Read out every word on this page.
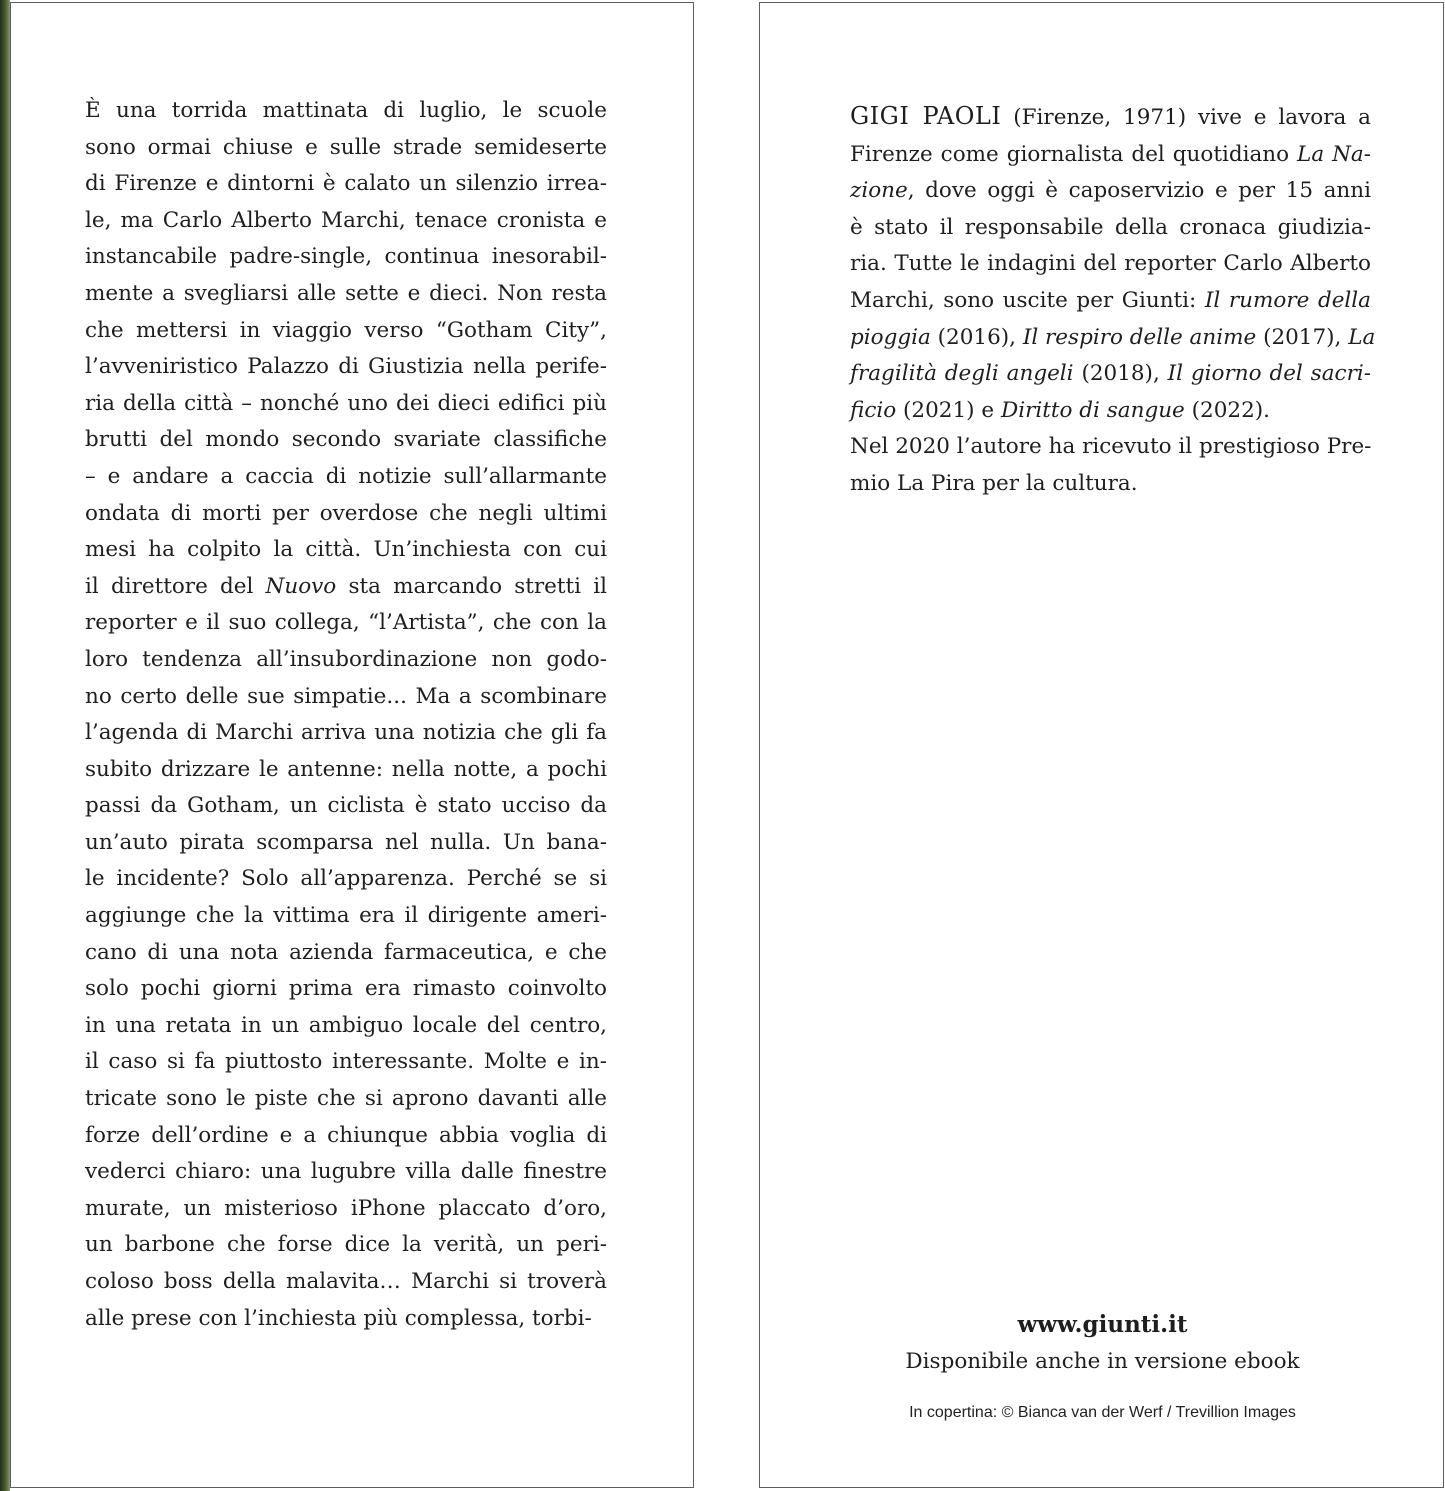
È una torrida mattinata di luglio, le scuole
sono ormai chiuse e sulle strade semideserte
di Firenze e dintorni è calato un silenzio irrea-
le, ma Carlo Alberto Marchi, tenace cronista e
instancabile padre-single, continua inesorabil-
mente a svegliarsi alle sette e dieci. Non resta
che mettersi in viaggio verso “Gotham City”,
l’avveniristico Palazzo di Giustizia nella perife-
ria della città – nonché uno dei dieci edifici più
brutti del mondo secondo svariate classifiche
– e andare a caccia di notizie sull’allarmante
ondata di morti per overdose che negli ultimi
mesi ha colpito la città. Un’inchiesta con cui
il direttore del Nuovo sta marcando stretti il
reporter e il suo collega, “l’Artista”, che con la
loro tendenza all’insubordinazione non godo-
no certo delle sue simpatie... Ma a scombinare
l’agenda di Marchi arriva una notizia che gli fa
subito drizzare le antenne: nella notte, a pochi
passi da Gotham, un ciclista è stato ucciso da
un’auto pirata scomparsa nel nulla. Un bana-
le incidente? Solo all’apparenza. Perché se si
aggiunge che la vittima era il dirigente ameri-
cano di una nota azienda farmaceutica, e che
solo pochi giorni prima era rimasto coinvolto
in una retata in un ambiguo locale del centro,
il caso si fa piuttosto interessante. Molte e in-
tricate sono le piste che si aprono davanti alle
forze dell’ordine e a chiunque abbia voglia di
vederci chiaro: una lugubre villa dalle finestre
murate, un misterioso iPhone placcato d’oro,
un barbone che forse dice la verità, un peri-
coloso boss della malavita… Marchi si troverà
alle prese con l’inchiesta più complessa, torbi-
GIGI PAOLI (Firenze, 1971) vive e lavora a
Firenze come giornalista del quotidiano La Na-
zione, dove oggi è caposervizio e per 15 anni
è stato il responsabile della cronaca giudizia-
ria. Tutte le indagini del reporter Carlo Alberto
Marchi, sono uscite per Giunti: Il rumore della
pioggia (2016), Il respiro delle anime (2017), La
fragilità degli angeli (2018), Il giorno del sacri-
ficio (2021) e Diritto di sangue (2022).
Nel 2020 l’autore ha ricevuto il prestigioso Pre-
mio La Pira per la cultura.
www.giunti.it
Disponibile anche in versione ebook
In copertina: © Bianca van der Werf / Trevillion Images
